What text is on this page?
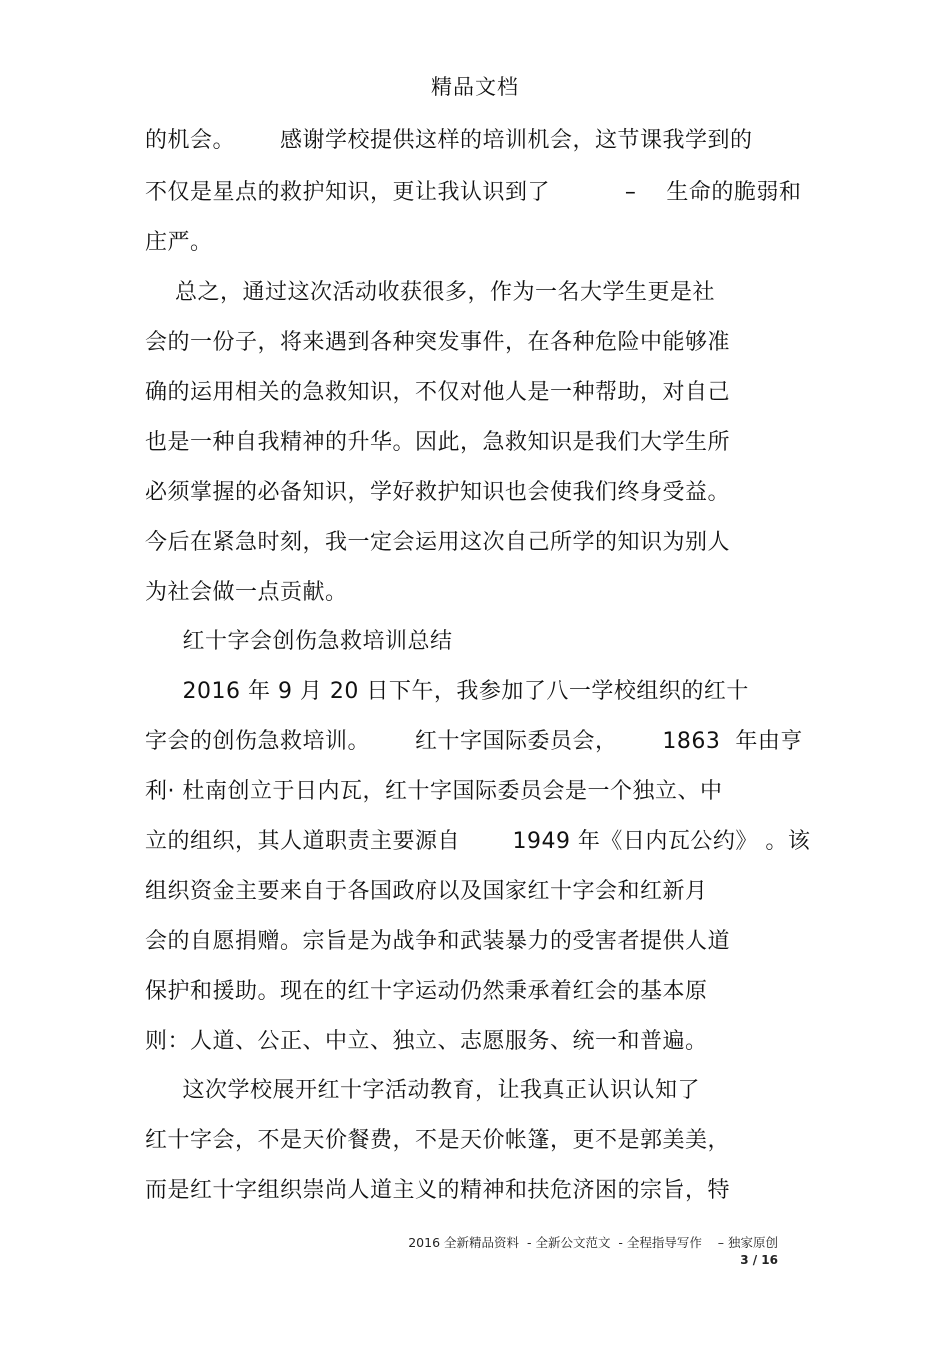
精品文档
的机会。      感谢学校提供这样的培训机会，这节课我学到的
不仅是星点的救护知识，更让我认识到了          –    生命的脆弱和
庄严。
总之，通过这次活动收获很多，作为一名大学生更是社
会的一份子，将来遇到各种突发事件，在各种危险中能够准
确的运用相关的急救知识，不仅对他人是一种帮助，对自己
也是一种自我精神的升华。因此，急救知识是我们大学生所
必须掌握的必备知识，学好救护知识也会使我们终身受益。
今后在紧急时刻，我一定会运用这次自己所学的知识为别人
为社会做一点贡献。
红十字会创伤急救培训总结
2016 年 9 月 20 日下午，我参加了八一学校组织的红十
字会的创伤急救培训。      红十字国际委员会，      1863  年由亨
利· 杜南创立于日内瓦，红十字国际委员会是一个独立、中
立的组织，其人道职责主要源自       1949 年《日内瓦公约》 。该
组织资金主要来自于各国政府以及国家红十字会和红新月
会的自愿捐赠。宗旨是为战争和武装暴力的受害者提供人道
保护和援助。现在的红十字运动仍然秉承着红会的基本原
则：人道、公正、中立、独立、志愿服务、统一和普遍。
这次学校展开红十字活动教育，让我真正认识认知了
红十字会，不是天价餐费，不是天价帐篷，更不是郭美美，
而是红十字组织崇尚人道主义的精神和扶危济困的宗旨，特
2016 全新精品资料  - 全新公文范文  - 全程指导写作    – 独家原创
3 / 16
